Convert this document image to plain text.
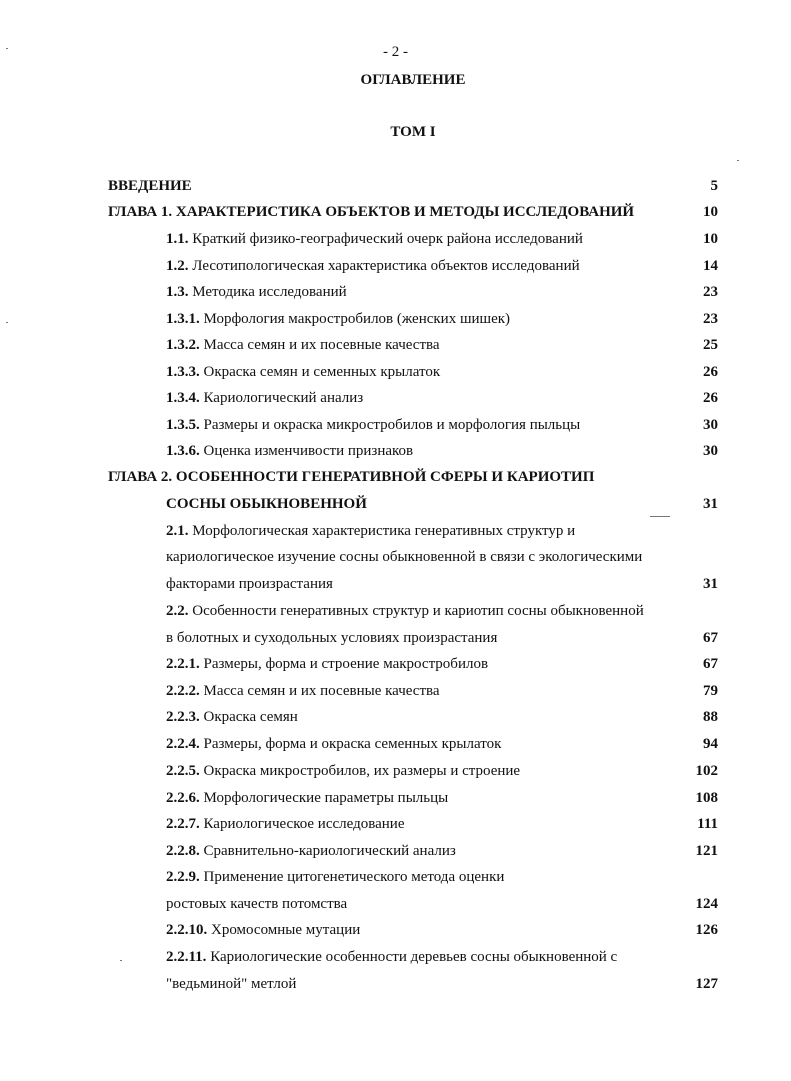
- 2 -
ОГЛАВЛЕНИЕ
ТОМ I
ВВЕДЕНИЕ	5
ГЛАВА 1. ХАРАКТЕРИСТИКА ОБЪЕКТОВ И МЕТОДЫ ИССЛЕДОВАНИЙ	10
1.1. Краткий физико-географический очерк района исследований	10
1.2. Лесотипологическая характеристика объектов исследований	14
1.3. Методика исследований	23
1.3.1. Морфология макростробилов (женских шишек)	23
1.3.2. Масса семян и их посевные качества	25
1.3.3. Окраска семян и семенных крылаток	26
1.3.4. Кариологический анализ	26
1.3.5. Размеры и окраска микростробилов и морфология пыльцы	30
1.3.6. Оценка изменчивости признаков	30
ГЛАВА 2. ОСОБЕННОСТИ ГЕНЕРАТИВНОЙ СФЕРЫ И КАРИОТИП
СОСНЫ ОБЫКНОВЕННОЙ	31
2.1. Морфологическая характеристика генеративных структур и
кариологическое изучение сосны обыкновенной в связи с экологическими
факторами произрастания	31
2.2. Особенности генеративных структур и кариотип сосны обыкновенной
в болотных и суходольных условиях произрастания	67
2.2.1. Размеры, форма и строение макростробилов	67
2.2.2. Масса семян и их посевные качества	79
2.2.3. Окраска семян	88
2.2.4. Размеры, форма и окраска семенных крылаток	94
2.2.5. Окраска микростробилов, их размеры и строение	102
2.2.6. Морфологические параметры пыльцы	108
2.2.7. Кариологическое исследование	111
2.2.8. Сравнительно-кариологический анализ	121
2.2.9. Применение цитогенетического метода оценки
ростовых качеств потомства	124
2.2.10. Хромосомные мутации	126
2.2.11. Кариологические особенности деревьев сосны обыкновенной с
"ведьминой" метлой	127
